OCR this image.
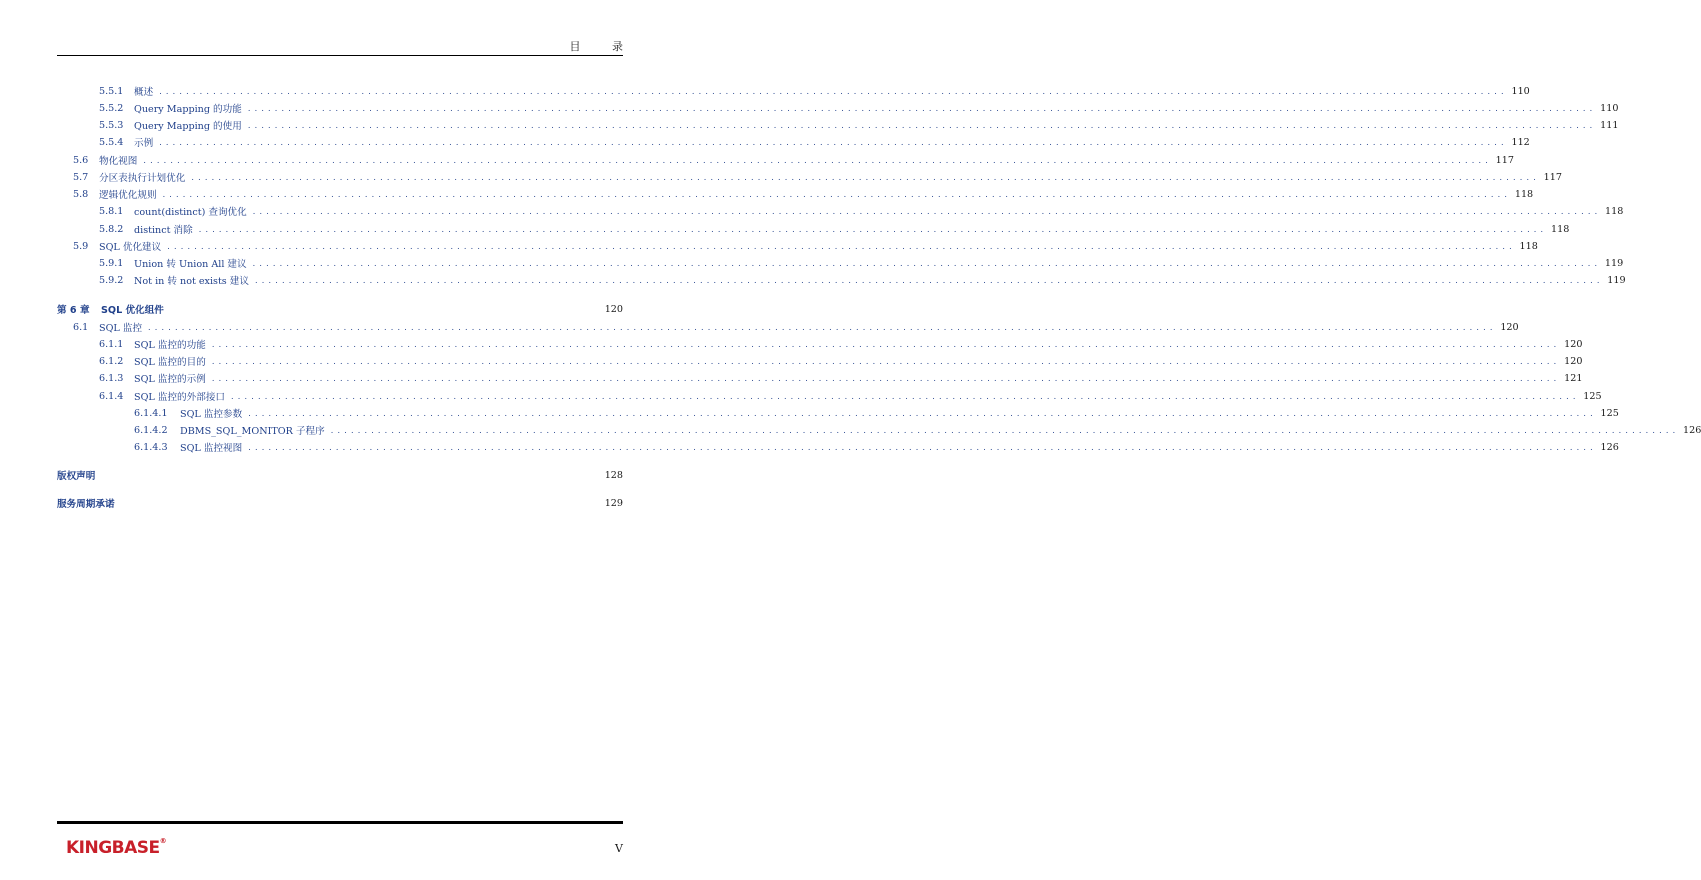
目 录
5.5.1	概述 ........................................................................................................................................................................................................ 110
5.5.2	Query Mapping 的功能 ........................................................................................................................................................................................................ 110
5.5.3	Query Mapping 的使用 ........................................................................................................................................................................................................ 111
5.5.4	示例 ........................................................................................................................................................................................................ 112
5.6	物化视图 ........................................................................................................................................................................................................ 117
5.7	分区表执行计划优化 ........................................................................................................................................................................................................ 117
5.8	逻辑优化规则 ........................................................................................................................................................................................................ 118
5.8.1	count(distinct) 查询优化 ........................................................................................................................................................................................................ 118
5.8.2	distinct 消除 ........................................................................................................................................................................................................ 118
5.9	SQL 优化建议 ........................................................................................................................................................................................................ 118
5.9.1	Union 转 Union All 建议 ........................................................................................................................................................................................................ 119
5.9.2	Not in 转 not exists 建议 ........................................................................................................................................................................................................ 119
第 6 章	SQL 优化组件	120
6.1	SQL 监控 ........................................................................................................................................................................................................ 120
6.1.1	SQL 监控的功能 ........................................................................................................................................................................................................ 120
6.1.2	SQL 监控的目的 ........................................................................................................................................................................................................ 120
6.1.3	SQL 监控的示例 ........................................................................................................................................................................................................ 121
6.1.4	SQL 监控的外部接口 ........................................................................................................................................................................................................ 125
6.1.4.1	SQL 监控参数 ........................................................................................................................................................................................................ 125
6.1.4.2	DBMS_SQL_MONITOR 子程序 ........................................................................................................................................................................................................ 126
6.1.4.3	SQL 监控视图 ........................................................................................................................................................................................................ 126
版权声明	128
服务周期承诺	129
KINGBASE®
V
